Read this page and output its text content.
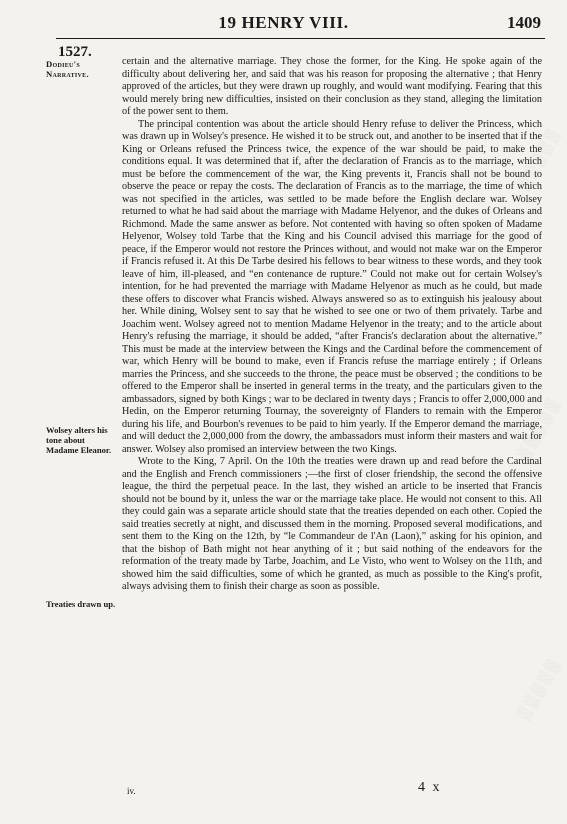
19 HENRY VIII.	1409
1527.
Dodieu's Narrative.
Wolsey alters his tone about Madame Eleanor.
Treaties drawn up.

certain and the alternative marriage. They chose the former, for the King. He spoke again of the difficulty about delivering her, and said that was his reason for proposing the alternative ; that Henry approved of the articles, but they were drawn up roughly, and would want modifying. Fearing that this would merely bring new difficulties, insisted on their conclusion as they stand, alleging the limitation of the power sent to them.

The principal contention was about the article should Henry refuse to deliver the Princess, which was drawn up in Wolsey's presence. He wished it to be struck out, and another to be inserted that if the King or Orleans refused the Princess twice, the expence of the war should be paid, to make the conditions equal. It was determined that if, after the declaration of Francis as to the marriage, which must be before the commencement of the war, the King prevents it, Francis shall not be bound to observe the peace or repay the costs. The declaration of Francis as to the marriage, the time of which was not specified in the articles, was settled to be made before the English declare war. Wolsey returned to what he had said about the marriage with Madame Helyenor, and the dukes of Orleans and Richmond. Made the same answer as before. Not contented with having so often spoken of Madame Helyenor, Wolsey told Tarbe that the King and his Council advised this marriage for the good of peace, if the Emperor would not restore the Princes without, and would not make war on the Emperor if Francis refused it. At this De Tarbe desired his fellows to bear witness to these words, and they took leave of him, ill-pleased, and “en contenance de rupture.” Could not make out for certain Wolsey's intention, for he had prevented the marriage with Madame Helyenor as much as he could, but made these offers to discover what Francis wished. Always answered so as to extinguish his jealousy about her. While dining, Wolsey sent to say that he wished to see one or two of them privately. Tarbe and Joachim went. Wolsey agreed not to mention Madame Helyenor in the treaty; and to the article about Henry's refusing the marriage, it should be added, “after Francis's declaration about the alternative.” This must be made at the interview between the Kings and the Cardinal before the commencement of war, which Henry will be bound to make, even if Francis refuse the marriage entirely ; if Orleans marries the Princess, and she succeeds to the throne, the peace must be observed ; the conditions to be offered to the Emperor shall be inserted in general terms in the treaty, and the particulars given to the ambassadors, signed by both Kings ; war to be declared in twenty days ; Francis to offer 2,000,000 and Hedin, on the Emperor returning Tournay, the sovereignty of Flanders to remain with the Emperor during his life, and Bourbon's revenues to be paid to him yearly. If the Emperor demand the marriage, and will deduct the 2,000,000 from the dowry, the ambassadors must inform their masters and wait for answer. Wolsey also promised an interview between the two Kings.

Wrote to the King, 7 April. On the 10th the treaties were drawn up and read before the Cardinal and the English and French commissioners ;—the first of closer friendship, the second the offensive league, the third the perpetual peace. In the last, they wished an article to be inserted that Francis should not be bound by it, unless the war or the marriage take place. He would not consent to this. All they could gain was a separate article should state that the treaties depended on each other. Copied the said treaties secretly at night, and discussed them in the morning. Proposed several modifications, and sent them to the King on the 12th, by “le Commandeur de l'An (Laon),” asking for his opinion, and that the bishop of Bath might not hear anything of it ; but said nothing of the endeavors for the reformation of the treaty made by Tarbe, Joachim, and Le Visto, who went to Wolsey on the 11th, and showed him the said difficulties, some of which he granted, as much as possible to the King's profit, always advising them to finish their charge as soon as possible.

iv.	4 x
▒▒▒▒▒
▒▒▒▒▒
▒▒▒▒▒
